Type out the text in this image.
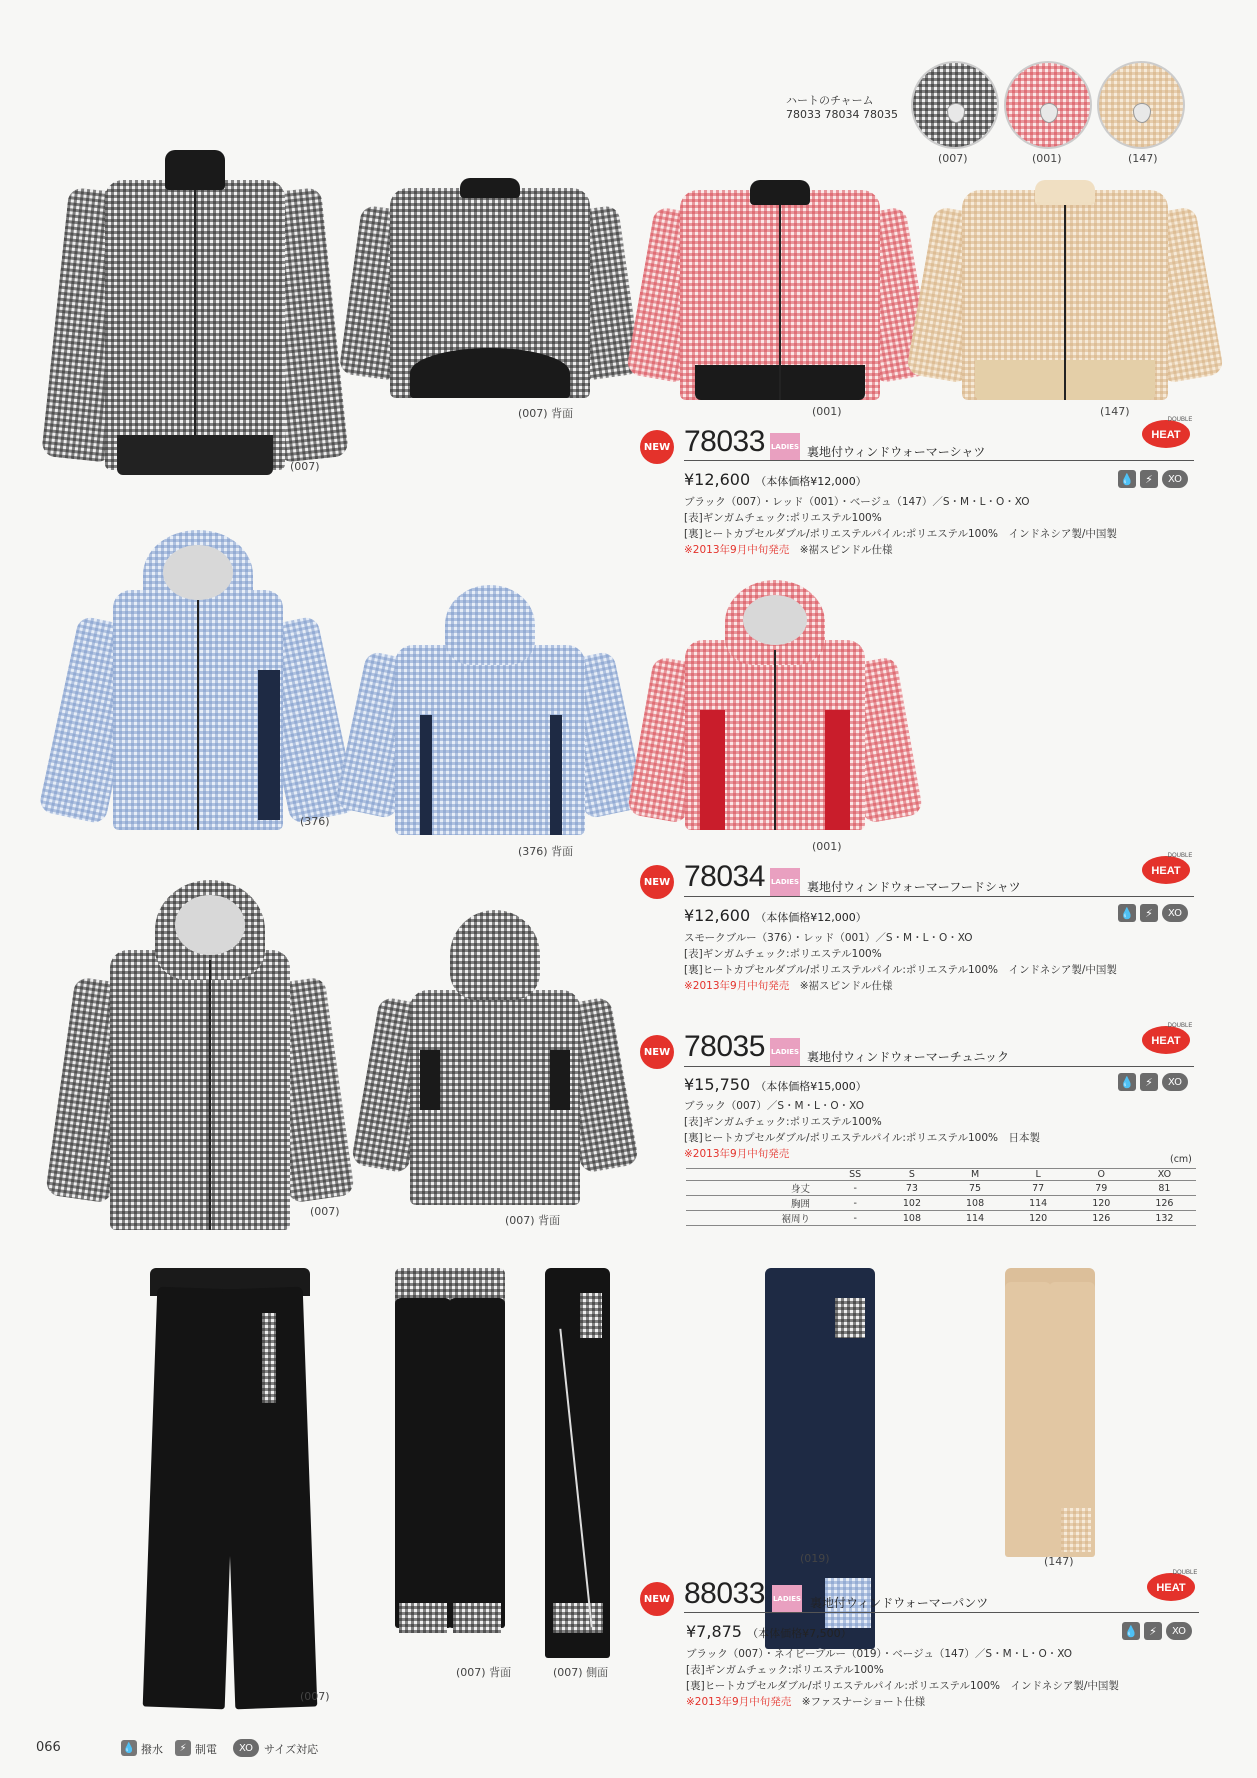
ハートのチャーム
78033 78034 78035
(007)	(001)	(147)
(007)
(007) 背面	(001)	(147)
NEW 78033 LADIES 裏地付ウィンドウォーマーシャツ
HEAT
DOUBLE
¥12,600 （本体価格¥12,000）	💧	⚡	XO
ブラック（007）・レッド（001）・ベージュ（147）／S・M・L・O・XO
[表]ギンガムチェック:ポリエステル100%
[裏]ヒートカプセルダブル/ポリエステルパイル:ポリエステル100%　インドネシア製/中国製
※2013年9月中旬発売　 ※裾スピンドル仕様
(376)
(376) 背面	(001)
NEW 78034 LADIES 裏地付ウィンドウォーマーフードシャツ
HEAT
DOUBLE
¥12,600 （本体価格¥12,000）	💧	⚡	XO
スモークブルー（376）・レッド（001）／S・M・L・O・XO
[表]ギンガムチェック:ポリエステル100%
[裏]ヒートカプセルダブル/ポリエステルパイル:ポリエステル100%　インドネシア製/中国製
※2013年9月中旬発売　 ※裾スピンドル仕様
(007)
(007) 背面
NEW 78035 LADIES 裏地付ウィンドウォーマーチュニック
HEAT
DOUBLE
¥15,750 （本体価格¥15,000）	💧	⚡	XO
ブラック（007）／S・M・L・O・XO
[表]ギンガムチェック:ポリエステル100%
[裏]ヒートカプセルダブル/ポリエステルパイル:ポリエステル100%　日本製
※2013年9月中旬発売	(cm)
	SS	S	M	L	O	XO
身丈	-	73	75	77	79	81
胸囲	-	102	108	114	120	126
裾周り	-	108	114	120	126	132
(007)
(007) 背面	(007) 側面
(019)	(147)
NEW 88033 LADIES 裏地付ウィンドウォーマーパンツ
HEAT
DOUBLE
¥7,875 （本体価格¥7,500）	💧	⚡	XO
ブラック（007）・ネイビーブルー（019）・ベージュ（147）／S・M・L・O・XO
[表]ギンガムチェック:ポリエステル100%
[裏]ヒートカプセルダブル/ポリエステルパイル:ポリエステル100%　インドネシア製/中国製
※2013年9月中旬発売　 ※ファスナーショート仕様
066	💧 撥水	⚡ 制電	XO サイズ対応
